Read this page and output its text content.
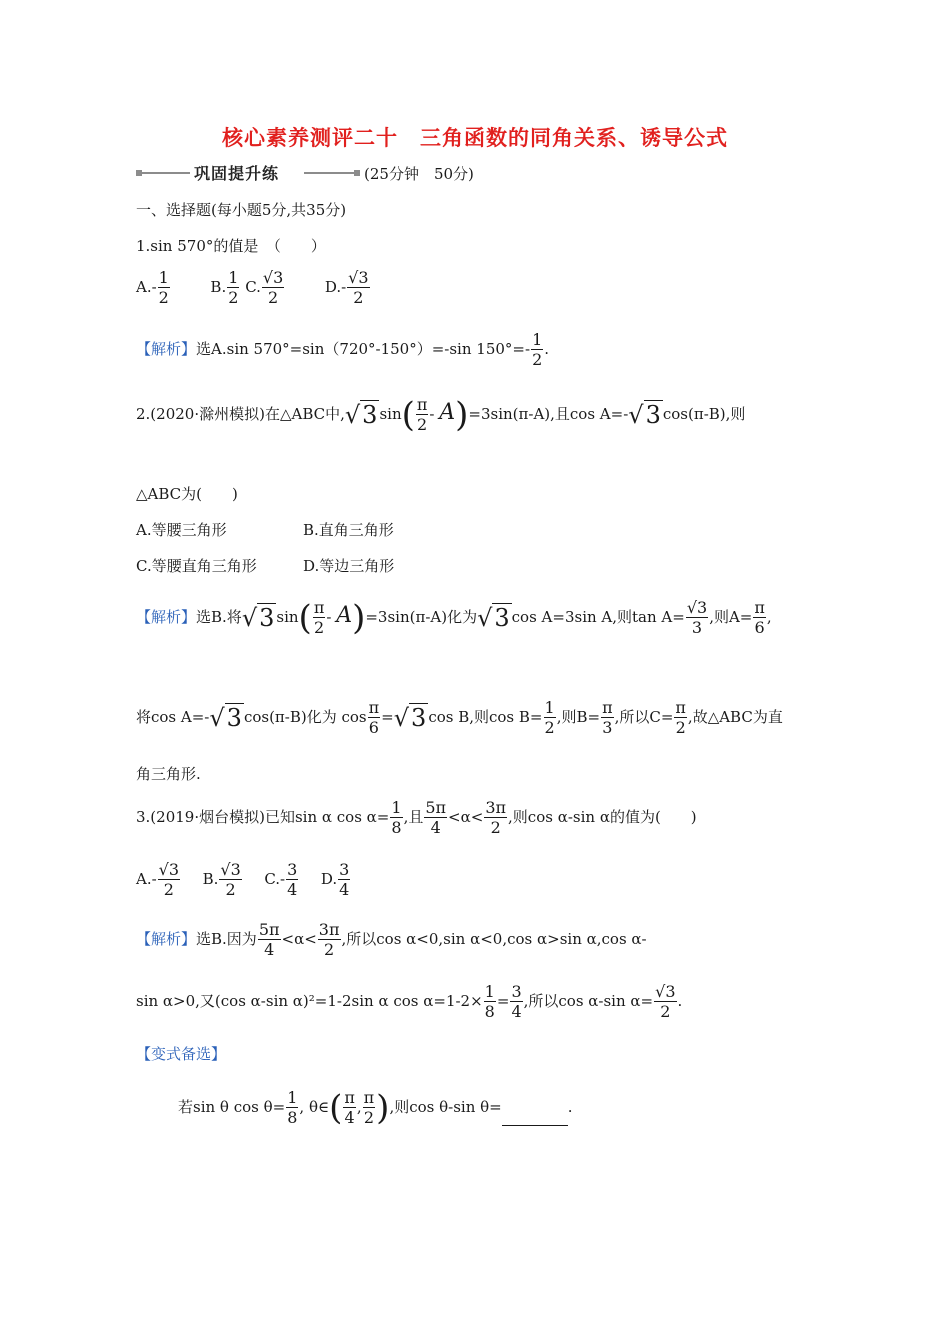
核心素养测评二十　三角函数的同角关系、诱导公式
巩固提升练	(25分钟　50分)
一、选择题(每小题5分,共35分)
1.sin 570°的值是　（　　）
$A.- \frac{1}{2}$	B. $\frac{1}{2} C$. $\frac{√3}{2}$	$D.- \frac{√3}{2}$
【解析】选A.sin 570°=sin（720°-150°）=-sin $150^\circ=- \frac{1}{2}$ .
2.(2020·滁州模拟)在△ABC中,√3 $\sin( \frac{\pi}{2} - A)=3\sin(\pi-A)$,且cos A=-√3 cos(π-B),则
△ABC为(　　)
A.等腰三角形	B.直角三角形
C.等腰直角三角形	D.等边三角形
【解析】选B.将√3 $\sin( \frac{\pi}{2} - A)=3\sin(\pi-A)$化为√3 cos A=3sin A,则$\tan A= \frac{√3}{3}$ ,则$A= \frac{\pi}{6}$ ,
将cos A=-√3 cos(π-B)化为 $\cos \frac{\pi}{6} =√3$ cos B,则$\cos B= \frac{1}{2}$ ,则$B= \frac{\pi}{3}$ ,所以$C= \frac{\pi}{2}$ ,故△ABC为直
角三角形.
3.(2019·烟台模拟)已知sin α $\cos \alpha= \frac{1}{8}$ ,且 $\frac{5\pi}{4} <\alpha< \frac{3\pi}{2}$ ,则cos α-sin α的值为(　　)
$A.- \frac{√3}{2} B$. $\frac{√3}{2} C.- \frac{3}{4} D$. $\frac{3}{4}$
【解析】选B.因为 $\frac{5\pi}{4} <\alpha< \frac{3\pi}{2}$ ,所以cos α<0,sin α<0,cos α>sin α,cos α-
sin α>0,又(cos α-sin α)²=1-2sin α $\cos \alpha=1-2\times \frac{1}{8} = \frac{3}{4}$ ,所以cos α-sin $\alpha= \frac{√3}{2}$ .
【变式备选】
若sin θ $\cos \theta= \frac{1}{8}$ , θ∈( $\frac{\pi}{4}$ , $\frac{\pi}{2}$ ),则cos θ-sin θ=	.
